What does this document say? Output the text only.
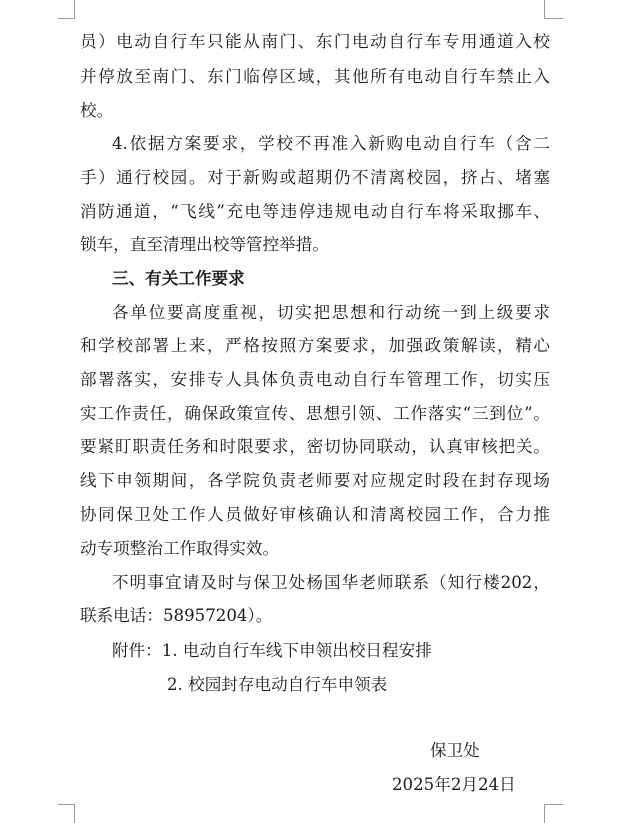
员）电动自行车只能从南门、东门电动自行车专用通道入校
并停放至南门、东门临停区域，其他所有电动自行车禁止入
校。
4.依据方案要求，学校不再准入新购电动自行车（含二
手）通行校园。对于新购或超期仍不清离校园，挤占、堵塞
消防通道，“飞线”充电等违停违规电动自行车将采取挪车、
锁车，直至清理出校等管控举措。
三、有关工作要求
各单位要高度重视，切实把思想和行动统一到上级要求
和学校部署上来，严格按照方案要求，加强政策解读，精心
部署落实，安排专人具体负责电动自行车管理工作，切实压
实工作责任，确保政策宣传、思想引领、工作落实“三到位”。
要紧盯职责任务和时限要求，密切协同联动，认真审核把关。
线下申领期间，各学院负责老师要对应规定时段在封存现场
协同保卫处工作人员做好审核确认和清离校园工作，合力推
动专项整治工作取得实效。
不明事宜请及时与保卫处杨国华老师联系（知行楼202，
联系电话：58957204）。
附件：1. 电动自行车线下申领出校日程安排
2. 校园封存电动自行车申领表
保卫处
2025年2月24日
